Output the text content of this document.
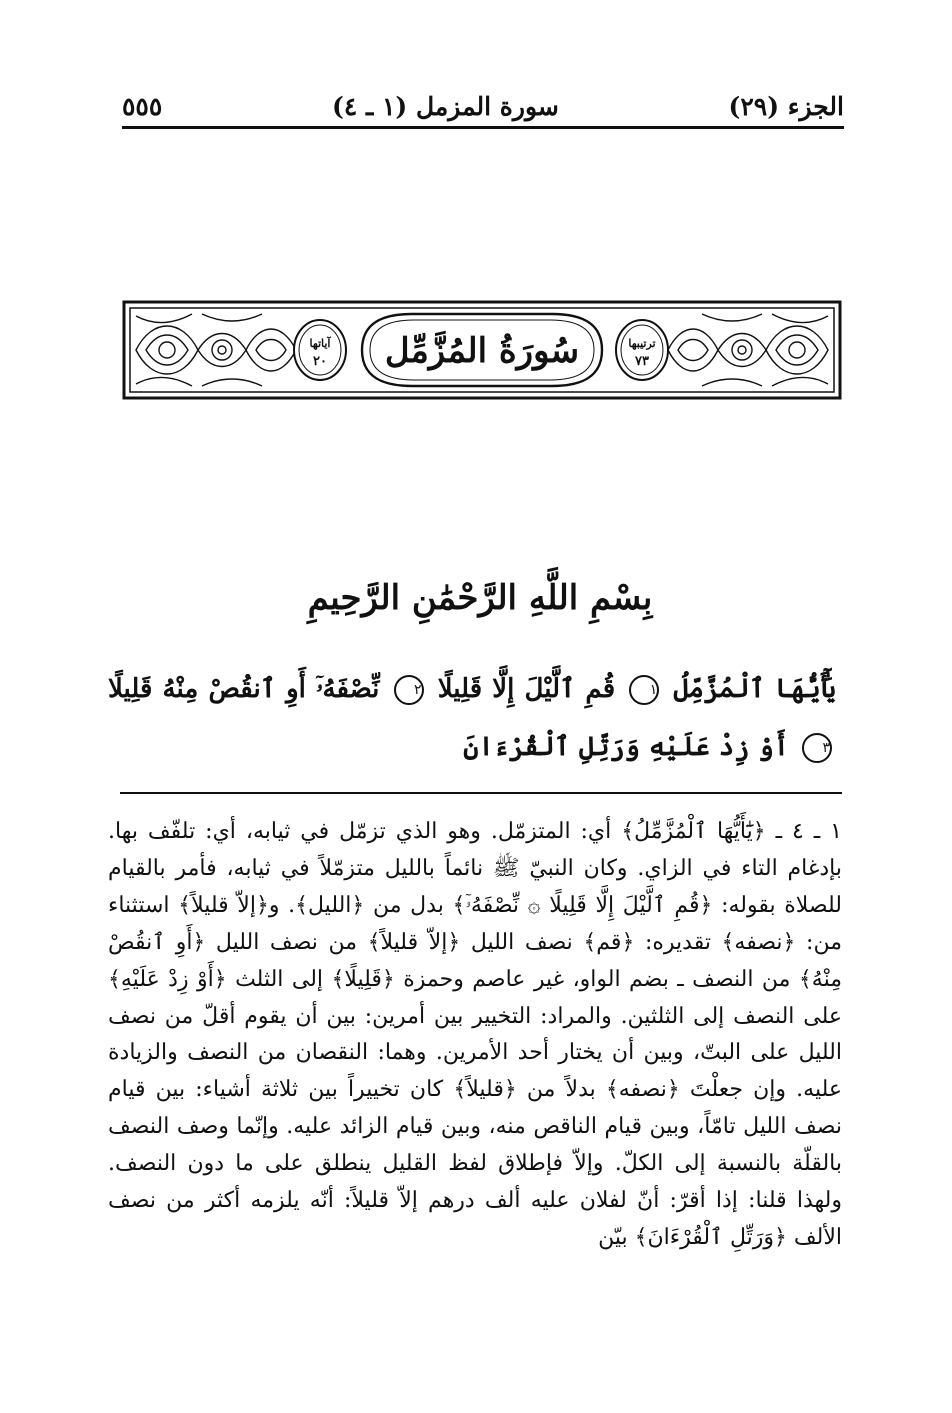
الجزء (٢٩)
سورة المزمل (١ ـ ٤)
٥٥٥
آياتها
٢٠
ترتيبها
٧٣
سُورَةُ المُزَّمِّل
بِسْمِ اللَّهِ الرَّحْمَٰنِ الرَّحِيمِ
يَٰٓأَيُّهَا ٱلْمُزَّمِّلُ ١ قُمِ ٱلَّيْلَ إِلَّا قَلِيلًا ٢ نِّصْفَهُۥٓ أَوِ ٱنقُصْ مِنْهُ قَلِيلًا ٣ أَوْ زِدْ عَلَيْهِ وَرَتِّلِ ٱلْقُرْءَانَ

١ ـ ٤ ـ ﴿يَٰٓأَيُّهَا ٱلْمُزَّمِّلُ﴾ أي: المتزمّل. وهو الذي تزمّل في ثيابه، أي: تلفّف بها. بإدغام التاء في الزاي. وكان النبيّ ﷺ نائماً بالليل متزمّلاً في ثيابه، فأمر بالقيام للصلاة بقوله: ﴿قُمِ ٱلَّيْلَ إِلَّا قَلِيلًا ۞ نِّصْفَهُۥٓ﴾ بدل من ﴿الليل﴾. و﴿إلاّ قليلاً﴾ استثناء من: ﴿نصفه﴾ تقديره: ﴿قم﴾ نصف الليل ﴿إلاّ قليلاً﴾ من نصف الليل ﴿أَوِ ٱنقُصْ مِنْهُ﴾ من النصف ـ بضم الواو، غير عاصم وحمزة ﴿قَلِيلًا﴾ إلى الثلث ﴿أَوْ زِدْ عَلَيْهِ﴾ على النصف إلى الثلثين. والمراد: التخيير بين أمرين: بين أن يقوم أقلّ من نصف الليل على البتّ، وبين أن يختار أحد الأمرين. وهما: النقصان من النصف والزيادة عليه. وإن جعلْتَ ﴿نصفه﴾ بدلاً من ﴿قليلاً﴾ كان تخييراً بين ثلاثة أشياء: بين قيام نصف الليل تامّاً، وبين قيام الناقص منه، وبين قيام الزائد عليه. وإنّما وصف النصف بالقلّة بالنسبة إلى الكلّ. وإلاّ فإطلاق لفظ القليل ينطلق على ما دون النصف. ولهذا قلنا: إذا أقرّ: أنّ لفلان عليه ألف درهم إلاّ قليلاً: أنّه يلزمه أكثر من نصف الألف ﴿وَرَتِّلِ ٱلْقُرْءَانَ﴾ بيّن
